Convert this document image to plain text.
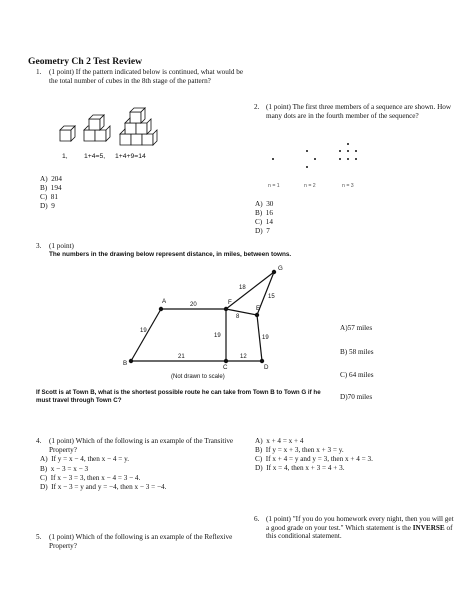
Geometry Ch 2 Test Review
1. (1 point) If the pattern indicated below is continued, what would be the total number of cubes in the 8th stage of the pattern?
1, 1+4=5, 1+4+9=14
A) 204
B) 194
C) 81
D) 9
2. (1 point) The first three members of a sequence are shown. How many dots are in the fourth member of the sequence?
n = 1	n = 2	n = 3
A) 30
B) 16
C) 14
D) 7
3. (1 point)
The numbers in the drawing below represent distance, in miles, between towns.
A
B
C	D
E
F
G
20
19
21
19
12
8
18
19
15
(Not drawn to scale)
A)57 miles
B) 58 miles
C) 64 miles
D)70 miles
If Scott is at Town B, what is the shortest possible route he can take from Town B to Town G if he must travel through Town C?
4. (1 point) Which of the following is an example of the Transitive Property?
A) If y = x − 4, then x − 4 = y.
B) x − 3 = x − 3
C) If x − 3 = 3, then x − 4 = 3 − 4.
D) If x − 3 = y and y = −4, then x − 3 = −4.
A) x + 4 = x + 4
B) If y = x + 3, then x + 3 = y.
C) If x + 4 = y and y = 3, then x + 4 = 3.
D) If x = 4, then x + 3 = 4 + 3.
6. (1 point) "If you do you homework every night, then you will get a good grade on your test." Which statement is the INVERSE of this conditional statement.
5. (1 point) Which of the following is an example of the Reflexive Property?
